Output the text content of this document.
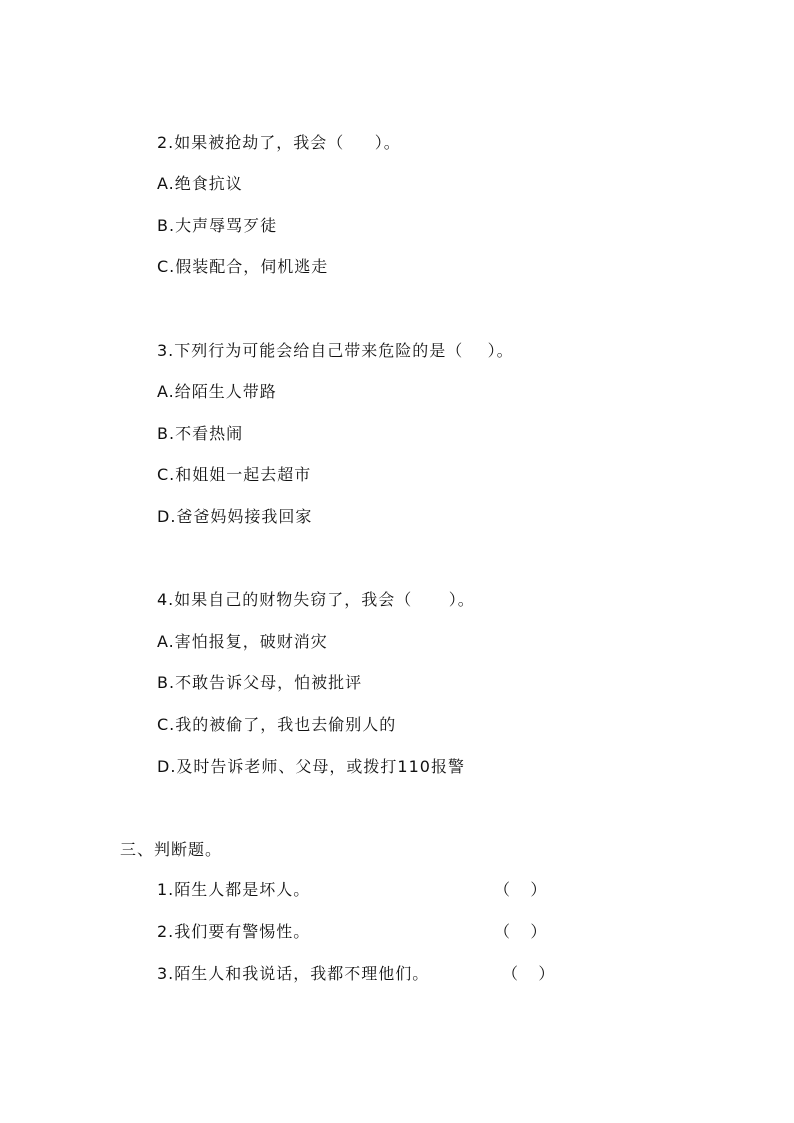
2.如果被抢劫了，我会（     ）。
A.绝食抗议
B.大声辱骂歹徒
C.假装配合，伺机逃走
3.下列行为可能会给自己带来危险的是（    ）。
A.给陌生人带路
B.不看热闹
C.和姐姐一起去超市
D.爸爸妈妈接我回家
4.如果自己的财物失窃了，我会（      ）。
A.害怕报复，破财消灾
B.不敢告诉父母，怕被批评
C.我的被偷了，我也去偷别人的
D.及时告诉老师、父母，或拨打110报警
三、判断题。
1.陌生人都是坏人。	（    ）
2.我们要有警惕性。	（    ）
3.陌生人和我说话，我都不理他们。	（    ）
